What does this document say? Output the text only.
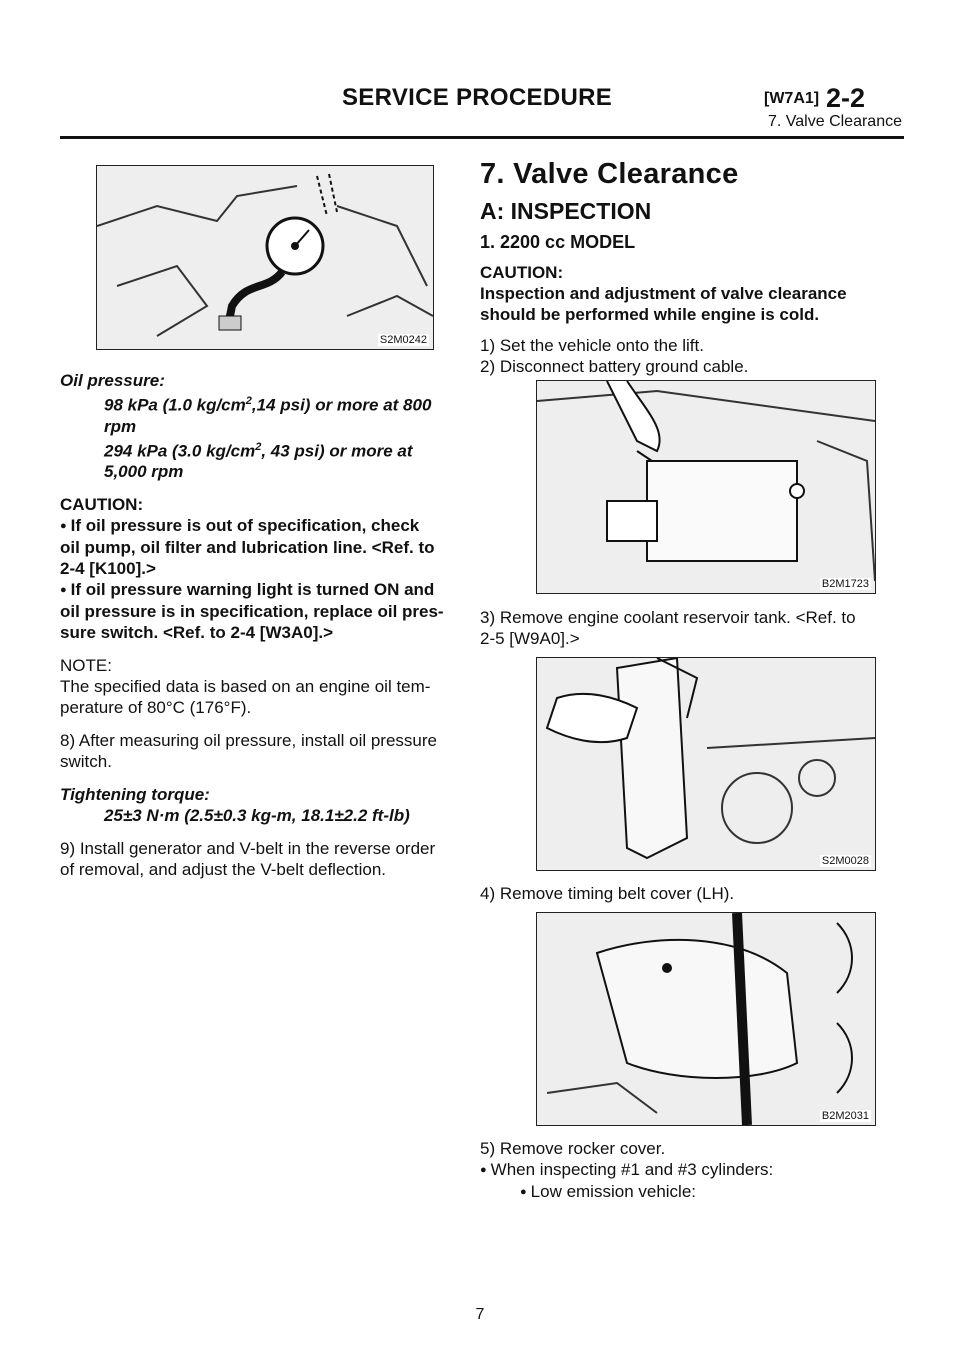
SERVICE PROCEDURE	[W7A1] 2-2
7. Valve Clearance
S2M0242

Oil pressure:

98 kPa (1.0 $kg/cm^2,14$ psi) or more at 800

rpm

294 kPa (3.0 $kg/cm^2$, 43 psi) or more at

5,000 rpm

CAUTION:

● If oil pressure is out of specification, check

oil pump, oil filter and lubrication line. <Ref. to

2-4 [K100].>

● If oil pressure warning light is turned ON and

oil pressure is in specification, replace oil pres-

sure switch. <Ref. to 2-4 [W3A0].>

NOTE:

The specified data is based on an engine oil tem-

perature of 80°C (176°F).

8) After measuring oil pressure, install oil pressure

switch.

Tightening torque:

25±3 N·m (2.5±0.3 kg-m, 18.1±2.2 ft-lb)

9) Install generator and V-belt in the reverse order

of removal, and adjust the V-belt deflection.

7. Valve Clearance
A: INSPECTION
1. 2200 cc MODEL

CAUTION:

Inspection and adjustment of valve clearance

should be performed while engine is cold.

1) Set the vehicle onto the lift.

2) Disconnect battery ground cable.

B2M1723

3) Remove engine coolant reservoir tank. <Ref. to

2-5 [W9A0].>

S2M0028

4) Remove timing belt cover (LH).

B2M2031

5) Remove rocker cover.

● When inspecting #1 and #3 cylinders:

● Low emission vehicle:

7
